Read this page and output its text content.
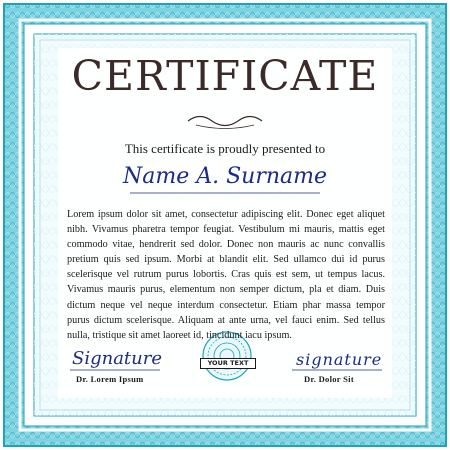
CERTIFICATE
This certificate is proudly presented to
Name A. Surname
Lorem ipsum dolor sit amet, consectetur adipiscing elit. Donec eget aliquet nibh. Vivamus pharetra tempor feugiat. Vestibulum mi mauris, mattis eget commodo vitae, hendrerit sed dolor. Donec non mauris ac nunc convallis pretium quis sed ipsum. Morbi at blandit elit. Sed ullamco dui id purus scelerisque vel rutrum purus lobortis. Cras quis est sem, ut tempus lacus. Vivamus mauris purus, elementum non semper dictum, pla et diam. Duis dictum neque vel neque interdum consectetur. Etiam phar massa tempor purus dictum scelerisque. Aliquam at ante urna, vel fauci enim. Sed tellus nulla, tristique sit amet laoreet id, tincidunt iacu ipsum.
Signature
Dr. Lorem Ipsum
YOUR TEXT	signature
Dr. Dolor Sit
